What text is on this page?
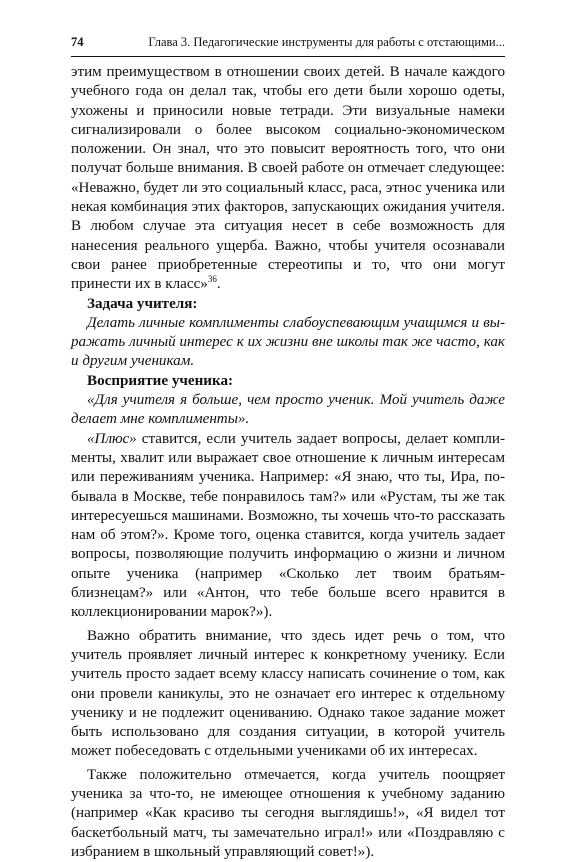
74	Глава 3. Педагогические инструменты для работы с отстающими...

этим преимуществом в отношении своих детей. В начале каждого учебного года он делал так, чтобы его дети были хорошо одеты, ухожены и приносили новые тетради. Эти визуальные намеки сигнализировали о более высоком социально-экономическом положении. Он знал, что это повысит вероятность того, что они получат больше внимания. В своей работе он отмечает следующее: «Неважно, будет ли это социальный класс, раса, этнос ученика или некая комбинация этих факторов, запускающих ожидания учителя. В любом случае эта ситуация несет в себе возможность для нанесения реального ущерба. Важно, чтобы учителя осознавали свои ранее приобретенные стереотипы и то, что они могут принести их в класс»$^{36}$.

Задача учителя:

Делать личные комплименты слабоуспевающим учащимся и выражать личный интерес к их жизни вне школы так же часто, как и другим ученикам.

Восприятие ученика:

«Для учителя я больше, чем просто ученик. Мой учитель даже делает мне комплименты».

«Плюс» ставится, если учитель задает вопросы, делает комплименты, хвалит или выражает свое отношение к личным интересам или переживаниям ученика. Например: «Я знаю, что ты, Ира, побывала в Москве, тебе понравилось там?» или «Рустам, ты же так интересуешься машинами. Возможно, ты хочешь что-то рассказать нам об этом?». Кроме того, оценка ставится, когда учитель задает вопросы, позволяющие получить информацию о жизни и личном опыте ученика (например «Сколько лет твоим братьям-близнецам?» или «Антон, что тебе больше всего нравится в коллекционировании марок?»).

Важно обратить внимание, что здесь идет речь о том, что учитель проявляет личный интерес к конкретному ученику. Если учитель просто задает всему классу написать сочинение о том, как они провели каникулы, это не означает его интерес к отдельному ученику и не подлежит оцениванию. Однако такое задание может быть использовано для создания ситуации, в которой учитель может побеседовать с отдельными учениками об их интересах.

Также положительно отмечается, когда учитель поощряет ученика за что-то, не имеющее отношения к учебному заданию (например «Как красиво ты сегодня выглядишь!», «Я видел тот баскетбольный матч, ты замечательно играл!» или «Поздравляю с избранием в школьный управляющий совет!»).
